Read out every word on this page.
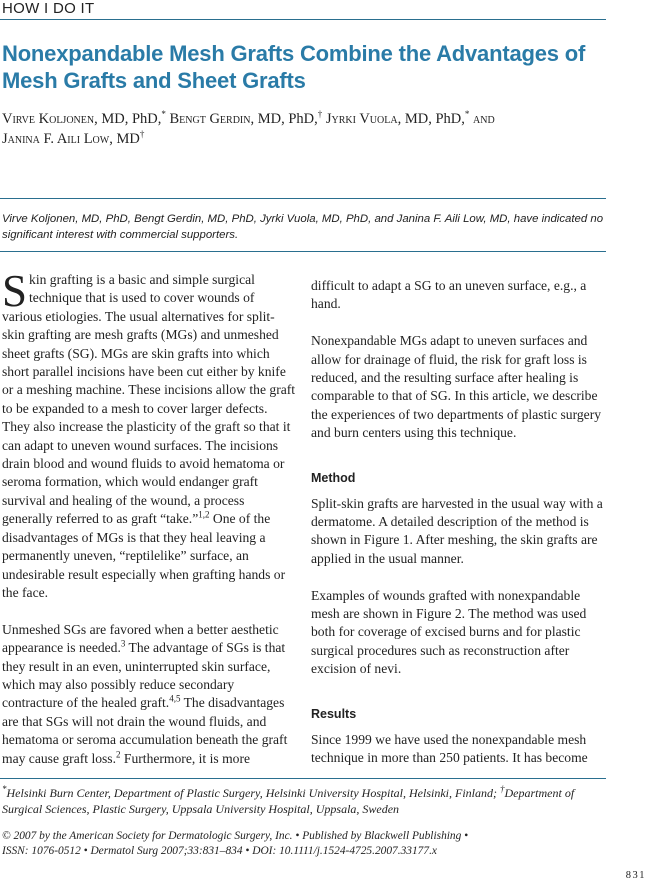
HOW I DO IT
Nonexpandable Mesh Grafts Combine the Advantages of Mesh Grafts and Sheet Grafts
Virve Koljonen, MD, PhD,* Bengt Gerdin, MD, PhD,† Jyrki Vuola, MD, PhD,* and
Janina F. Aili Low, MD†
Virve Koljonen, MD, PhD, Bengt Gerdin, MD, PhD, Jyrki Vuola, MD, PhD, and Janina F. Aili Low, MD, have indicated no significant interest with commercial supporters.

Skin grafting is a basic and simple surgical technique that is used to cover wounds of various etiologies. The usual alternatives for split-skin grafting are mesh grafts (MGs) and unmeshed sheet grafts (SG). MGs are skin grafts into which short parallel incisions have been cut either by knife or a meshing machine. These incisions allow the graft to be expanded to a mesh to cover larger defects. They also increase the plasticity of the graft so that it can adapt to uneven wound surfaces. The incisions drain blood and wound fluids to avoid hematoma or seroma formation, which would endanger graft survival and healing of the wound, a process generally referred to as graft “take.”$^{1,2}$ One of the disadvantages of MGs is that they heal leaving a permanently uneven, “reptilelike” surface, an undesirable result especially when grafting hands or the face.

Unmeshed SGs are favored when a better aesthetic appearance is needed.$^3$ The advantage of SGs is that they result in an even, uninterrupted skin surface, which may also possibly reduce secondary contracture of the healed graft.$^{4,5}$ The disadvantages are that SGs will not drain the wound fluids, and hematoma or seroma accumulation beneath the graft may cause graft loss.$^2$ Furthermore, it is more

difficult to adapt a SG to an uneven surface, e.g., a hand.

Nonexpandable MGs adapt to uneven surfaces and allow for drainage of fluid, the risk for graft loss is reduced, and the resulting surface after healing is comparable to that of SG. In this article, we describe the experiences of two departments of plastic surgery and burn centers using this technique.

Method

Split-skin grafts are harvested in the usual way with a dermatome. A detailed description of the method is shown in Figure 1. After meshing, the skin grafts are applied in the usual manner.

Examples of wounds grafted with nonexpandable mesh are shown in Figure 2. The method was used both for coverage of excised burns and for plastic surgical procedures such as reconstruction after excision of nevi.

Results

Since 1999 we have used the nonexpandable mesh technique in more than 250 patients. It has become

*Helsinki Burn Center, Department of Plastic Surgery, Helsinki University Hospital, Helsinki, Finland; †Department of Surgical Sciences, Plastic Surgery, Uppsala University Hospital, Uppsala, Sweden
© 2007 by the American Society for Dermatologic Surgery, Inc. • Published by Blackwell Publishing •
ISSN: 1076-0512 • Dermatol Surg 2007;33:831–834 • DOI: 10.1111/j.1524-4725.2007.33177.x
831
